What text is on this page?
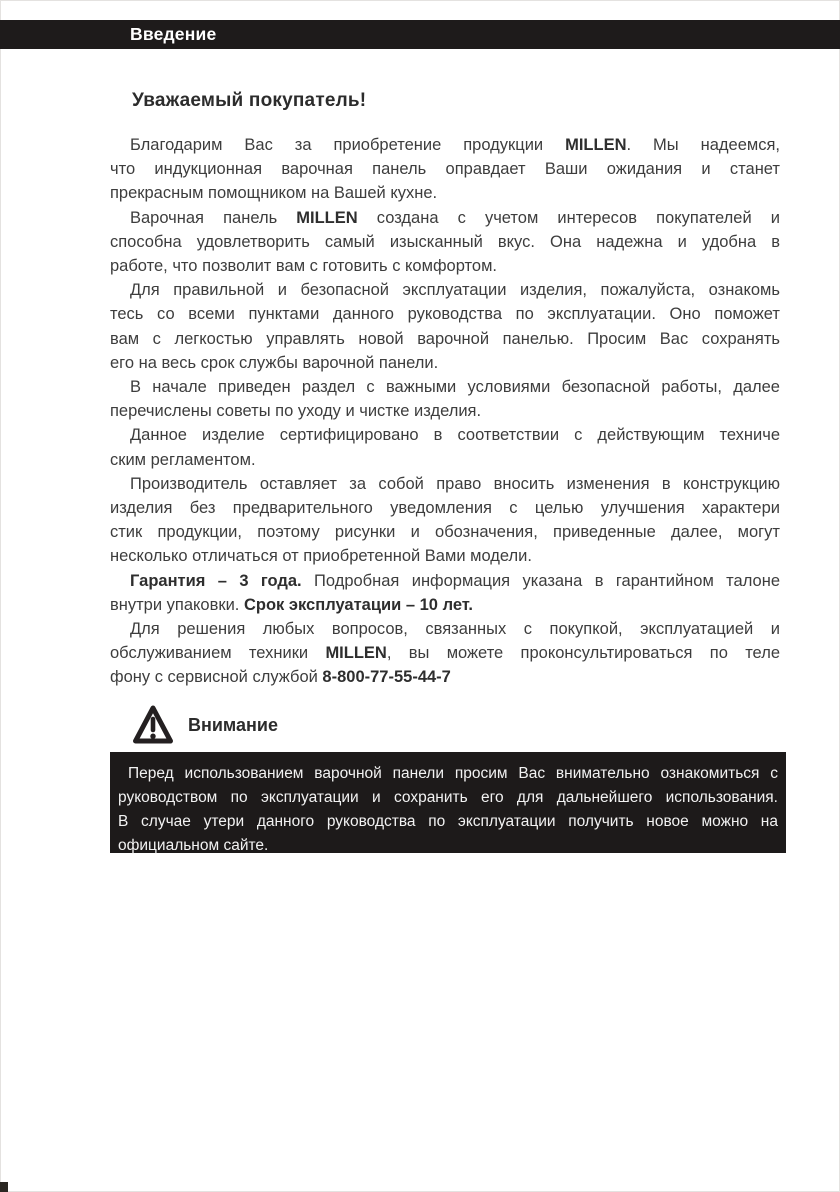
Введение
Уважаемый покупатель!
Благодарим Вас за приобретение продукции MILLEN. Мы надеемся,
что индукционная варочная панель оправдает Ваши ожидания и станет
прекрасным помощником на Вашей кухне.
Варочная панель MILLEN создана с учетом интересов покупателей и
способна удовлетворить самый изысканный вкус. Она надежна и удобна в
работе, что позволит вам с готовить с комфортом.
Для правильной и безопасной эксплуатации изделия, пожалуйста, ознакомь
тесь со всеми пунктами данного руководства по эксплуатации. Оно поможет
вам с легкостью управлять новой варочной панелью. Просим Вас сохранять
его на весь срок службы варочной панели.
В начале приведен раздел с важными условиями безопасной работы, далее
перечислены советы по уходу и чистке изделия.
Данное изделие сертифицировано в соответствии с действующим техниче
ским регламентом.
Производитель оставляет за собой право вносить изменения в конструкцию
изделия без предварительного уведомления с целью улучшения характери
стик продукции, поэтому рисунки и обозначения, приведенные далее, могут
несколько отличаться от приобретенной Вами модели.
Гарантия – 3 года. Подробная информация указана в гарантийном талоне
внутри упаковки. Срок эксплуатации – 10 лет.
Для решения любых вопросов, связанных с покупкой, эксплуатацией и
обслуживанием техники MILLEN, вы можете проконсультироваться по теле
фону с сервисной службой 8-800-77-55-44-7
Внимание
Перед использованием варочной панели просим Вас внимательно ознакомиться с
руководством по эксплуатации и сохранить его для дальнейшего использования.
В случае утери данного руководства по эксплуатации получить новое можно на
официальном сайте.
